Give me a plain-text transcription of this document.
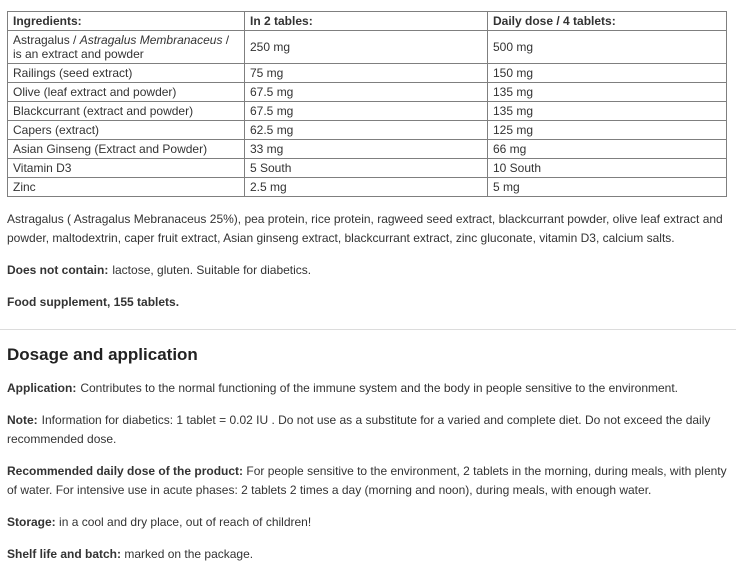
Ingredients:	In 2 tables:	Daily dose / 4 tablets:
Astragalus / Astragalus Membranaceus / is an extract and powder	250 mg	500 mg
Railings (seed extract)	75 mg	150 mg
Olive (leaf extract and powder)	67.5 mg	135 mg
Blackcurrant (extract and powder)	67.5 mg	135 mg
Capers (extract)	62.5 mg	125 mg
Asian Ginseng (Extract and Powder)	33 mg	66 mg
Vitamin D3	5 South	10 South
Zinc	2.5 mg	5 mg

Astragalus ( Astragalus Mebranaceus 25%), pea protein, rice protein, ragweed seed extract, blackcurrant powder, olive leaf extract and powder, maltodextrin, caper fruit extract, Asian ginseng extract, blackcurrant extract, zinc gluconate, vitamin D3, calcium salts.

Does not contain: lactose, gluten. Suitable for diabetics.

Food supplement, 155 tablets.

Dosage and application

Application: Contributes to the normal functioning of the immune system and the body in people sensitive to the environment.

Note: Information for diabetics: 1 tablet = 0.02 IU . Do not use as a substitute for a varied and complete diet. Do not exceed the daily recommended dose.

Recommended daily dose of the product: For people sensitive to the environment, 2 tablets in the morning, during meals, with plenty of water. For intensive use in acute phases: 2 tablets 2 times a day (morning and noon), during meals, with enough water.

Storage: in a cool and dry place, out of reach of children!

Shelf life and batch: marked on the package.
